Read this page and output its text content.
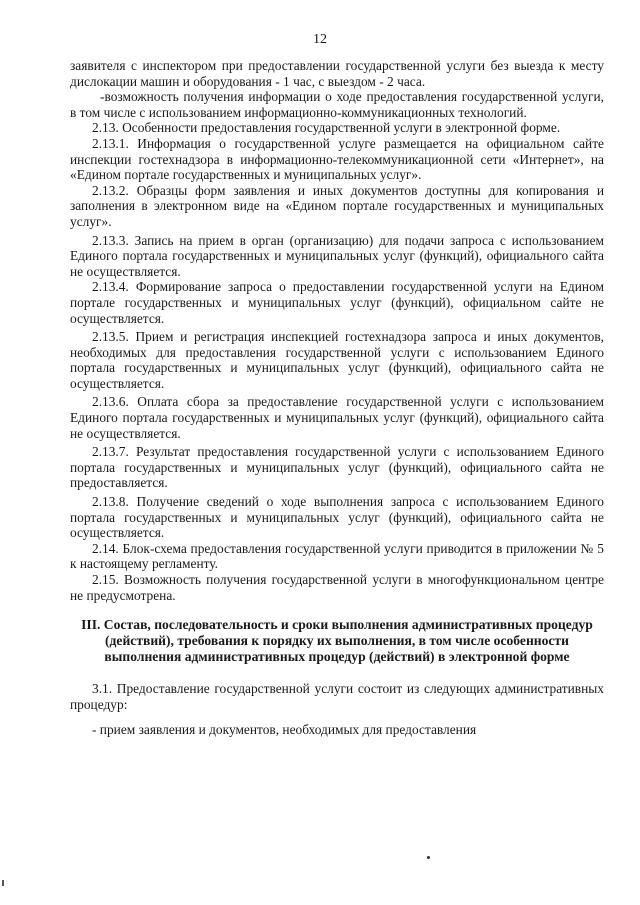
12

заявителя с инспектором при предоставлении государственной услуги без выезда к месту дислокации машин и оборудования - 1 час, с выездом - 2 часа.

-возможность получения информации о ходе предоставления государственной услуги, в том числе с использованием информационно-коммуникационных технологий.

2.13. Особенности предоставления государственной услуги в электронной форме.

2.13.1. Информация о государственной услуге размещается на официальном сайте инспекции гостехнадзора в информационно-телекоммуникационной сети «Интернет», на «Едином портале государственных и муниципальных услуг».

2.13.2. Образцы форм заявления и иных документов доступны для копирования и заполнения в электронном виде на «Едином портале государственных и муниципальных услуг».

2.13.3. Запись на прием в орган (организацию) для подачи запроса с использованием Единого портала государственных и муниципальных услуг (функций), официального сайта не осуществляется.

2.13.4. Формирование запроса о предоставлении государственной услуги на Едином портале государственных и муниципальных услуг (функций), официальном сайте не осуществляется.

2.13.5. Прием и регистрация инспекцией гостехнадзора запроса и иных документов, необходимых для предоставления государственной услуги с использованием Единого портала государственных и муниципальных услуг (функций), официального сайта не осуществляется.

2.13.6. Оплата сбора за предоставление государственной услуги с использованием Единого портала государственных и муниципальных услуг (функций), официального сайта не осуществляется.

2.13.7. Результат предоставления государственной услуги с использованием Единого портала государственных и муниципальных услуг (функций), официального сайта не предоставляется.

2.13.8. Получение сведений о ходе выполнения запроса с использованием Единого портала государственных и муниципальных услуг (функций), официального сайта не осуществляется.

2.14. Блок-схема предоставления государственной услуги приводится в приложении № 5 к настоящему регламенту.

2.15. Возможность получения государственной услуги в многофункциональном центре не предусмотрена.

III. Состав, последовательность и сроки выполнения административных процедур (действий), требования к порядку их выполнения, в том числе особенности выполнения административных процедур (действий) в электронной форме

3.1. Предоставление государственной услуги состоит из следующих административных процедур:

- прием заявления и документов, необходимых для предоставления
